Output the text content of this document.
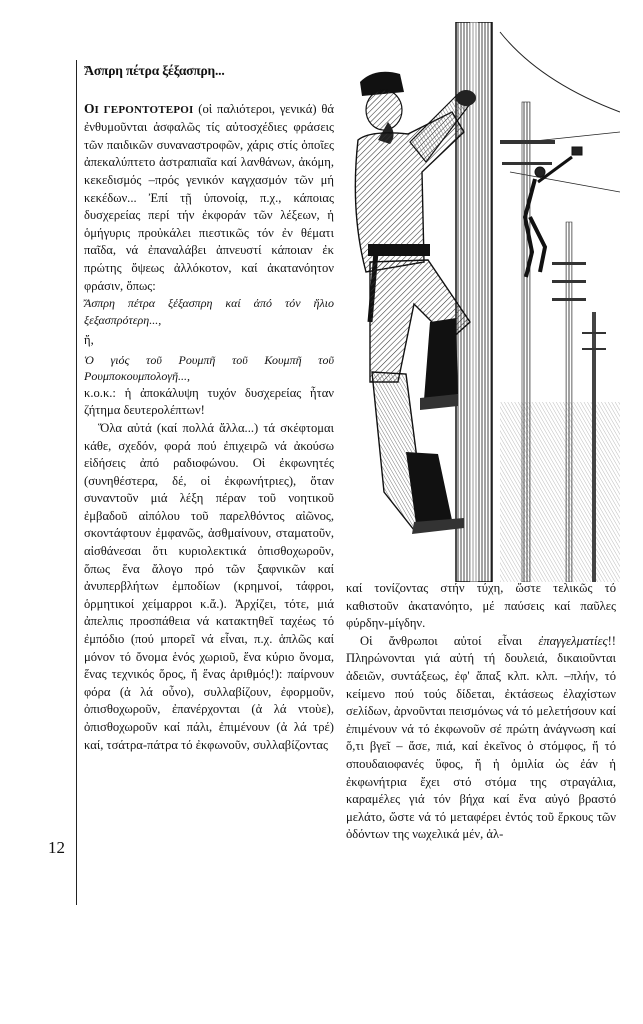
12
Ἄσπρη πέτρα ξέξασπρη...

ΟΙ ΓΕΡΟΝΤΟΤΕΡΟΙ (οἱ παλιότεροι, γενικά) θά ἐνθυμοῦνται ἀσφαλῶς τίς αὐτοσχέδιες φράσεις τῶν παιδικῶν συναναστροφῶν, χάρις στίς ὁποῖες ἀπεκαλύπτετο ἀστραπιαῖα καί λανθάνων, ἀκόμη, κεκεδισμός –πρός γενικόν καγχασμόν τῶν μή κεκέδων... Ἐπί τῇ ὑπονοίᾳ, π.χ., κάποιας δυσχερείας περί τήν ἐκφοράν τῶν λέξεων, ἡ ὁμήγυρις προὐκάλει πιεστικῶς τόν ἐν θέματι παῖδα, νά ἐπαναλάβει ἀπνευστί κάποιαν ἐκ πρώτης ὄψεως ἀλλόκοτον, καί ἀκατανόητον φράσιν, ὅπως:

Ἄσπρη πέτρα ξέξασπρη καί ἀπό τόν ἥλιο ξεξασπρότερη...,

ἤ,

Ὁ γιός τοῦ Ρουμπῆ τοῦ Κουμπῆ τοῦ Ρουμποκουμπολογῆ...,

κ.ο.κ.: ἡ ἀποκάλυψη τυχόν δυσχερείας ἦταν ζήτημα δευτερολέπτων!

Ὅλα αὐτά (καί πολλά ἄλλα...) τά σκέφτομαι κάθε, σχεδόν, φορά πού ἐπιχειρῶ νά ἀκούσω εἰδήσεις ἀπό ραδιοφώνου. Οἱ ἐκφωνητές (συνηθέστερα, δέ, οἱ ἐκφωνήτριες), ὅταν συναντοῦν μιά λέξη πέραν τοῦ νοητικοῦ ἐμβαδοῦ αἰπόλου τοῦ παρελθόντος αἰῶνος, σκοντάφτουν ἐμφανῶς, ἀσθμαίνουν, σταματοῦν, αἰσθάνεσαι ὅτι κυριολεκτικά ὀπισθοχωροῦν, ὅπως ἕνα ἄλογο πρό τῶν ξαφνικῶν καί ἀνυπερβλήτων ἐμποδίων (κρημνοί, τάφροι, ὁρμητικοί χείμαρροι κ.ἄ.). Ἀρχίζει, τότε, μιά ἀπελπις προσπάθεια νά κατακτηθεῖ ταχέως τό ἐμπόδιο (πού μπορεῖ νά εἶναι, π.χ. ἁπλῶς καί μόνον τό ὄνομα ἑνός χωριοῦ, ἕνα κύριο ὄνομα, ἕνας τεχνικός ὅρος, ἤ ἕνας ἀριθμός!): παίρνουν φόρα (ἀ λά οὖνο), συλλαβίζουν, ἐφορμοῦν, ὀπισθοχωροῦν, ἐπανέρχονται (ἀ λά ντοὺε), ὀπισθοχωροῦν καί πάλι, ἐπιμένουν (ἀ λά τρέ) καί, τσάτρα-πάτρα τό ἐκφωνοῦν, συλλαβίζοντας

καί τονίζοντας στήν τύχη, ὥστε τελικῶς τό καθιστοῦν ἀκατανόητο, μέ παύσεις καί παῦλες φύρδην-μίγδην.

Οἱ ἄνθρωποι αὐτοί εἶναι ἐπαγγελματίες!! Πληρώνονται γιά αὐτή τή δουλειά, δικαιοῦνται ἀδειῶν, συντάξεως, ἐφ' ἅπαξ κλπ. κλπ. –πλήν, τό κείμενο πού τούς δίδεται, ἐκτάσεως ἐλαχίστων σελίδων, ἀρνοῦνται πεισμόνως νά τό μελετήσουν καί ἐπιμένουν νά τό ἐκφωνοῦν σέ πρώτη ἀνάγνωση καί ὅ,τι βγεῖ – ἄσε, πιά, καί ἐκεῖνος ὁ στόμφος, ἤ τό σπουδαιοφανές ὕφος, ἤ ἡ ὁμιλία ὡς ἐάν ἡ ἐκφωνήτρια ἔχει στό στόμα της στραγάλια, καραμέλες γιά τόν βήχα καί ἕνα αὐγό βραστό μελάτο, ὥστε νά τό μεταφέρει ἐντός τοῦ ἕρκους τῶν ὀδόντων της νωχελικά μέν, ἀλ-
